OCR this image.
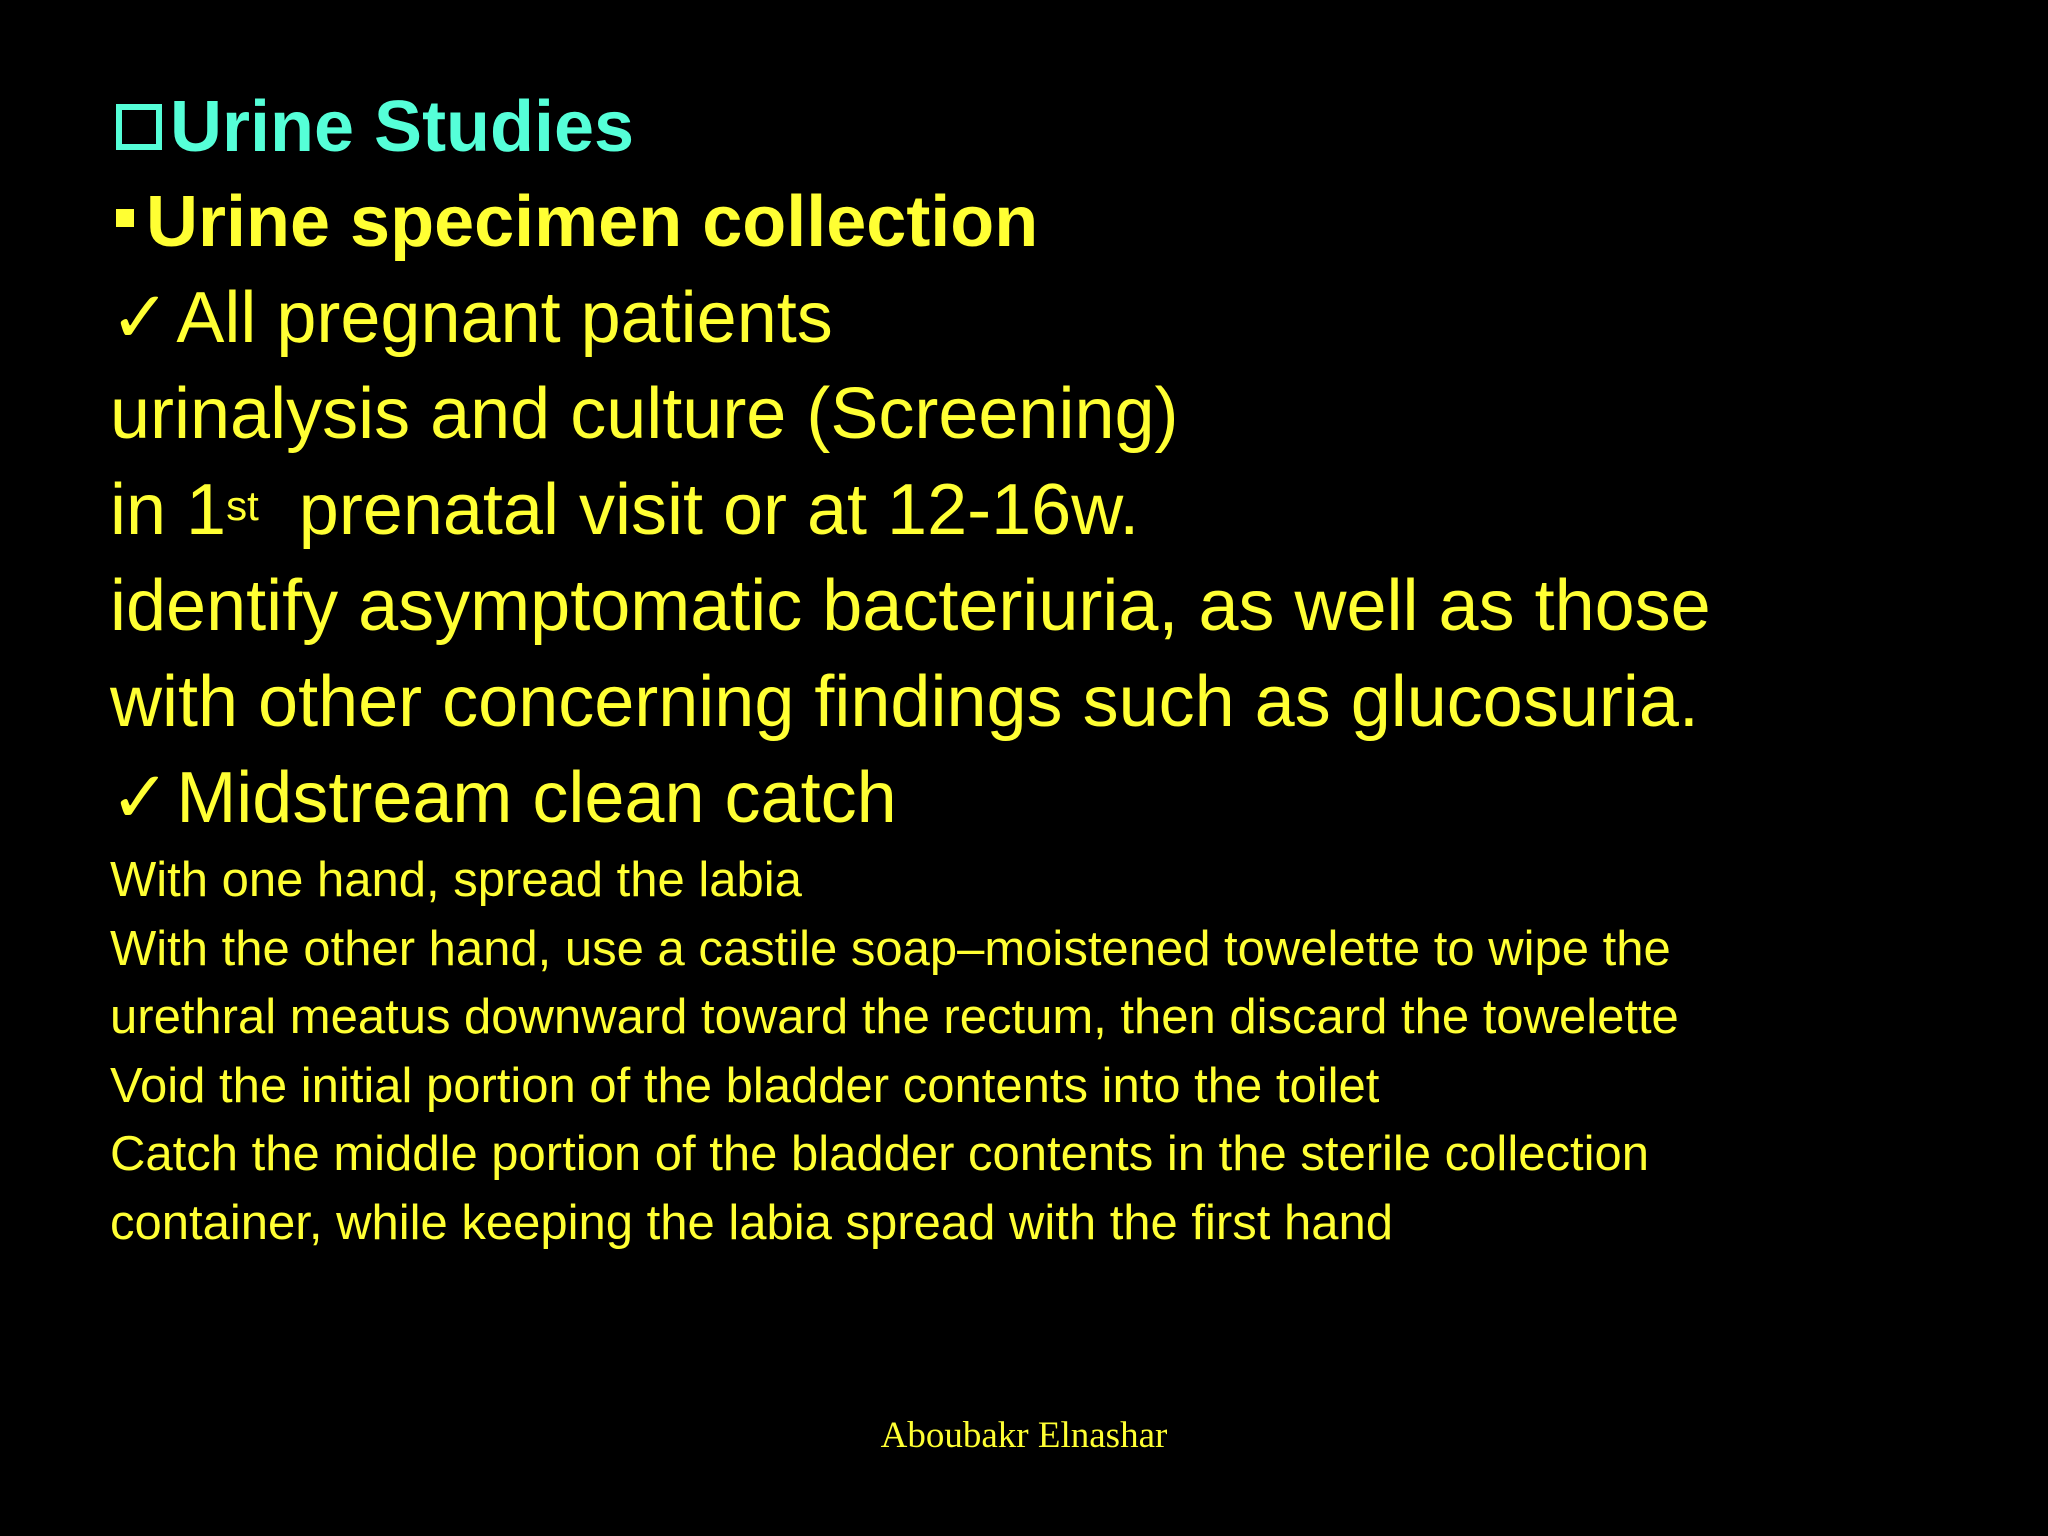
Urine Studies
Urine specimen collection
✓All pregnant patients
urinalysis and culture (Screening)
in 1st prenatal visit or at 12-16w.
identify asymptomatic bacteriuria, as well as those
with other concerning findings such as glucosuria.
✓Midstream clean catch
With one hand, spread the labia
With the other hand, use a castile soap–moistened towelette to wipe the
urethral meatus downward toward the rectum, then discard the towelette
Void the initial portion of the bladder contents into the toilet
Catch the middle portion of the bladder contents in the sterile collection
container, while keeping the labia spread with the first hand
Aboubakr Elnashar
